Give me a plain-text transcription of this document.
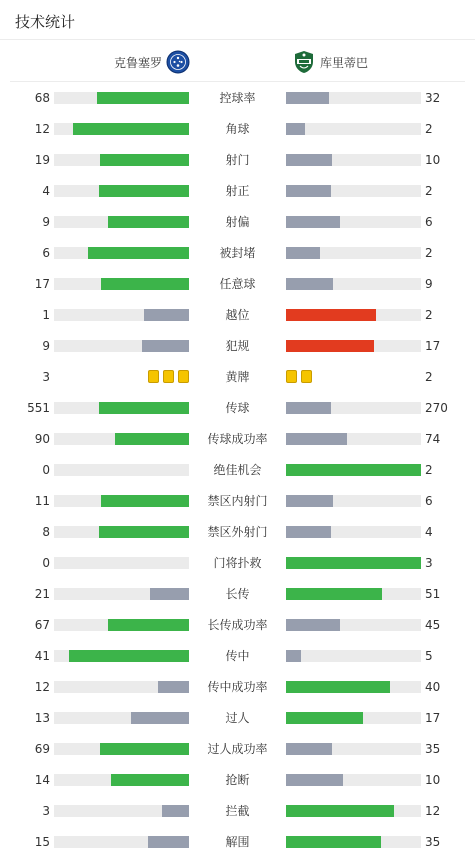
技术统计
克鲁塞罗	库里蒂巴
68	控球率	32
12	角球	2
19	射门	10
4	射正	2
9	射偏	6
6	被封堵	2
17	任意球	9
1	越位	2
9	犯规	17
3	黄牌	2
551	传球	270
90	传球成功率	74
0	绝佳机会	2
11	禁区内射门	6
8	禁区外射门	4
0	门将扑救	3
21	长传	51
67	长传成功率	45
41	传中	5
12	传中成功率	40
13	过人	17
69	过人成功率	35
14	抢断	10
3	拦截	12
15	解围	35
